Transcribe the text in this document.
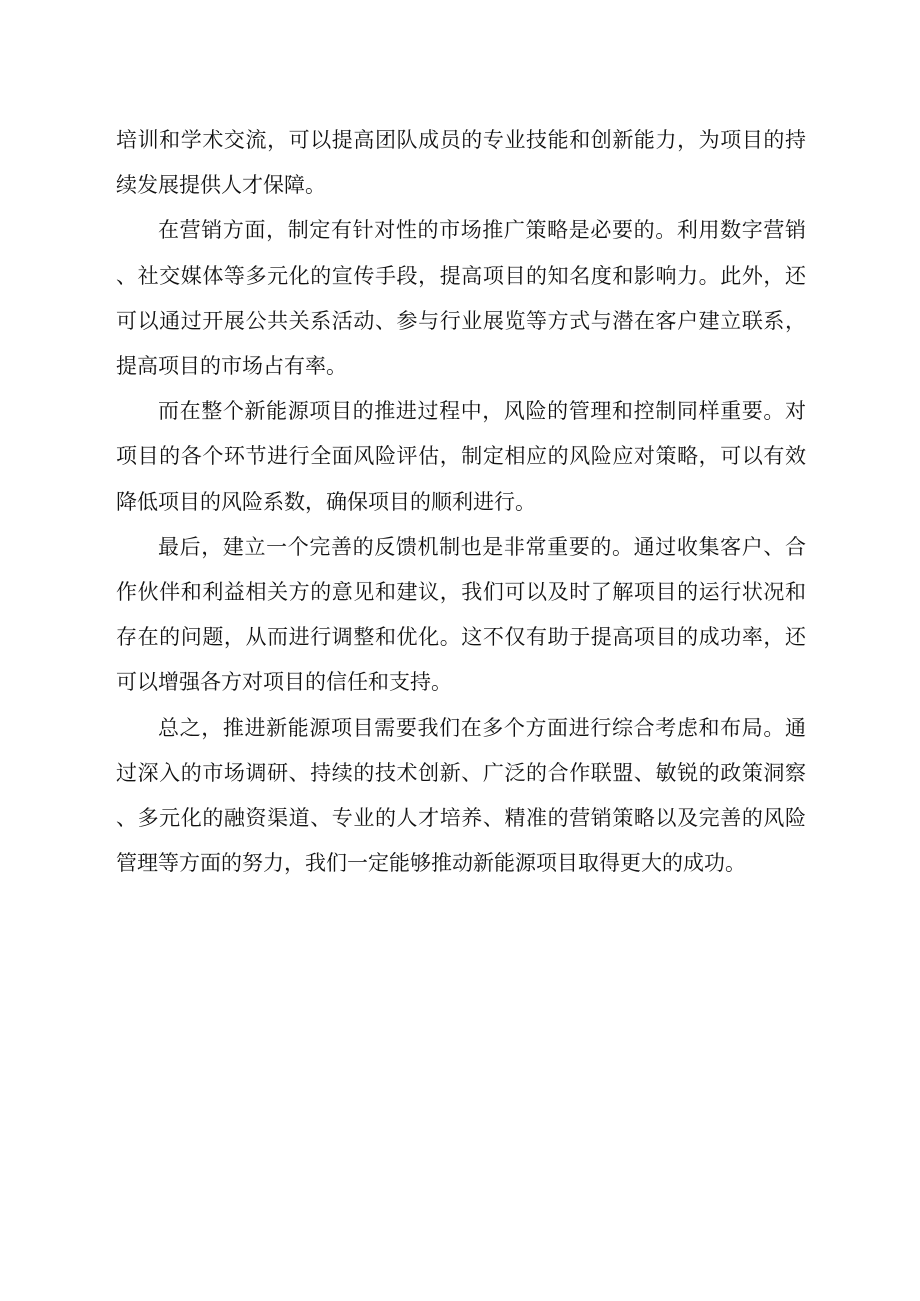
培训和学术交流，可以提高团队成员的专业技能和创新能力，为项目的持续发展提供人才保障。

在营销方面，制定有针对性的市场推广策略是必要的。利用数字营销、社交媒体等多元化的宣传手段，提高项目的知名度和影响力。此外，还可以通过开展公共关系活动、参与行业展览等方式与潜在客户建立联系，提高项目的市场占有率。

而在整个新能源项目的推进过程中，风险的管理和控制同样重要。对项目的各个环节进行全面风险评估，制定相应的风险应对策略，可以有效降低项目的风险系数，确保项目的顺利进行。

最后，建立一个完善的反馈机制也是非常重要的。通过收集客户、合作伙伴和利益相关方的意见和建议，我们可以及时了解项目的运行状况和存在的问题，从而进行调整和优化。这不仅有助于提高项目的成功率，还可以增强各方对项目的信任和支持。

总之，推进新能源项目需要我们在多个方面进行综合考虑和布局。通过深入的市场调研、持续的技术创新、广泛的合作联盟、敏锐的政策洞察、多元化的融资渠道、专业的人才培养、精准的营销策略以及完善的风险管理等方面的努力，我们一定能够推动新能源项目取得更大的成功。
